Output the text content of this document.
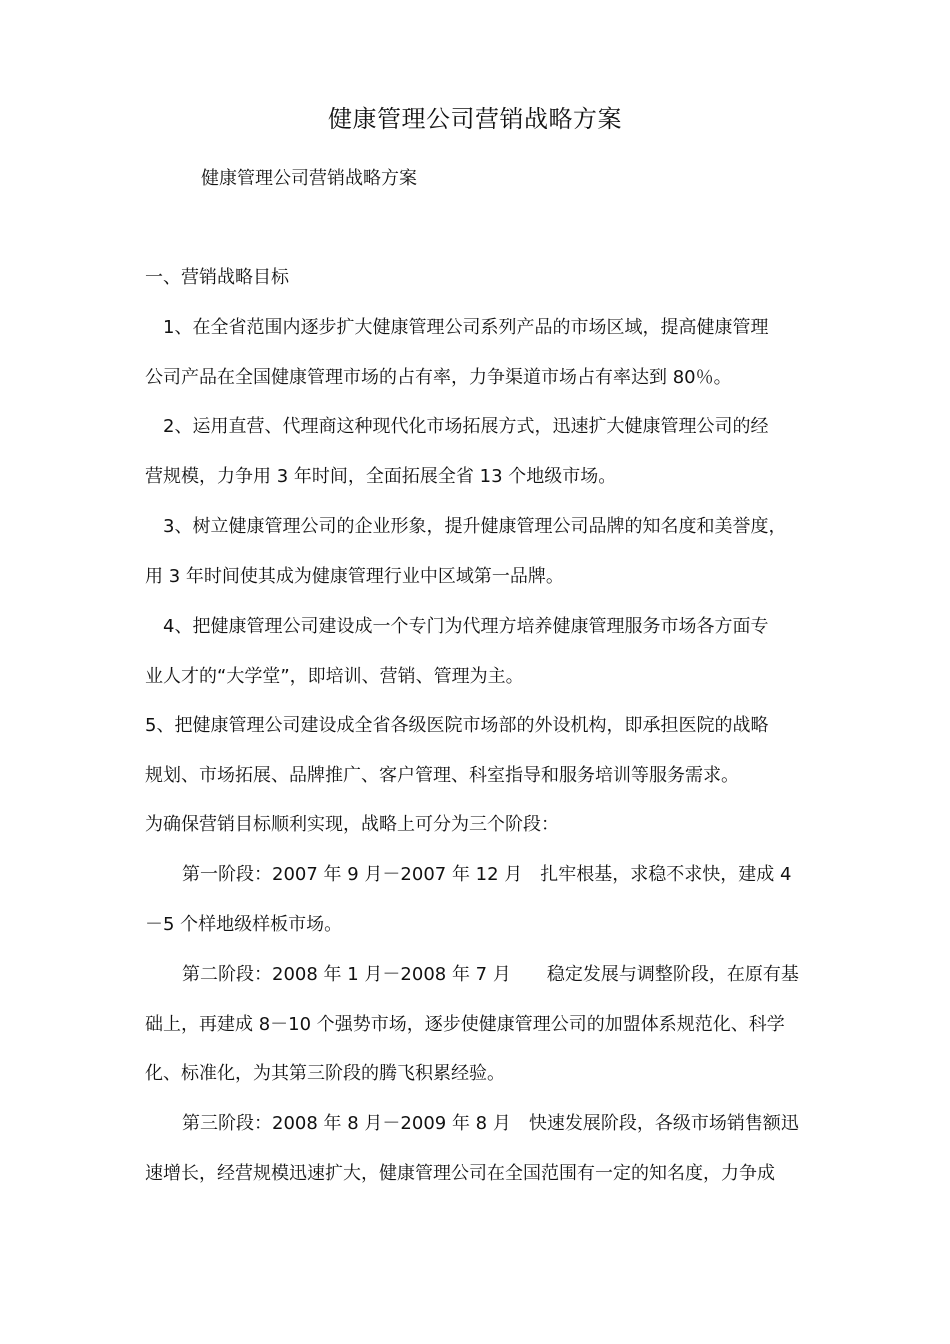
健康管理公司营销战略方案

健康管理公司营销战略方案

一、营销战略目标

1、在全省范围内逐步扩大健康管理公司系列产品的市场区域，提高健康管理

公司产品在全国健康管理市场的占有率，力争渠道市场占有率达到 80％。

2、运用直营、代理商这种现代化市场拓展方式，迅速扩大健康管理公司的经

营规模，力争用 3 年时间，全面拓展全省 13 个地级市场。

3、树立健康管理公司的企业形象，提升健康管理公司品牌的知名度和美誉度，

用 3 年时间使其成为健康管理行业中区域第一品牌。

4、把健康管理公司建设成一个专门为代理方培养健康管理服务市场各方面专

业人才的“大学堂”，即培训、营销、管理为主。

5、把健康管理公司建设成全省各级医院市场部的外设机构，即承担医院的战略

规划、市场拓展、品牌推广、客户管理、科室指导和服务培训等服务需求。

为确保营销目标顺利实现，战略上可分为三个阶段：

第一阶段：2007 年 9 月－2007 年 12 月　扎牢根基，求稳不求快，建成 4

－5 个样地级样板市场。

第二阶段：2008 年 1 月－2008 年 7 月　　稳定发展与调整阶段，在原有基

础上，再建成 8－10 个强势市场，逐步使健康管理公司的加盟体系规范化、科学

化、标准化，为其第三阶段的腾飞积累经验。

第三阶段：2008 年 8 月－2009 年 8 月　快速发展阶段，各级市场销售额迅

速增长，经营规模迅速扩大，健康管理公司在全国范围有一定的知名度，力争成
